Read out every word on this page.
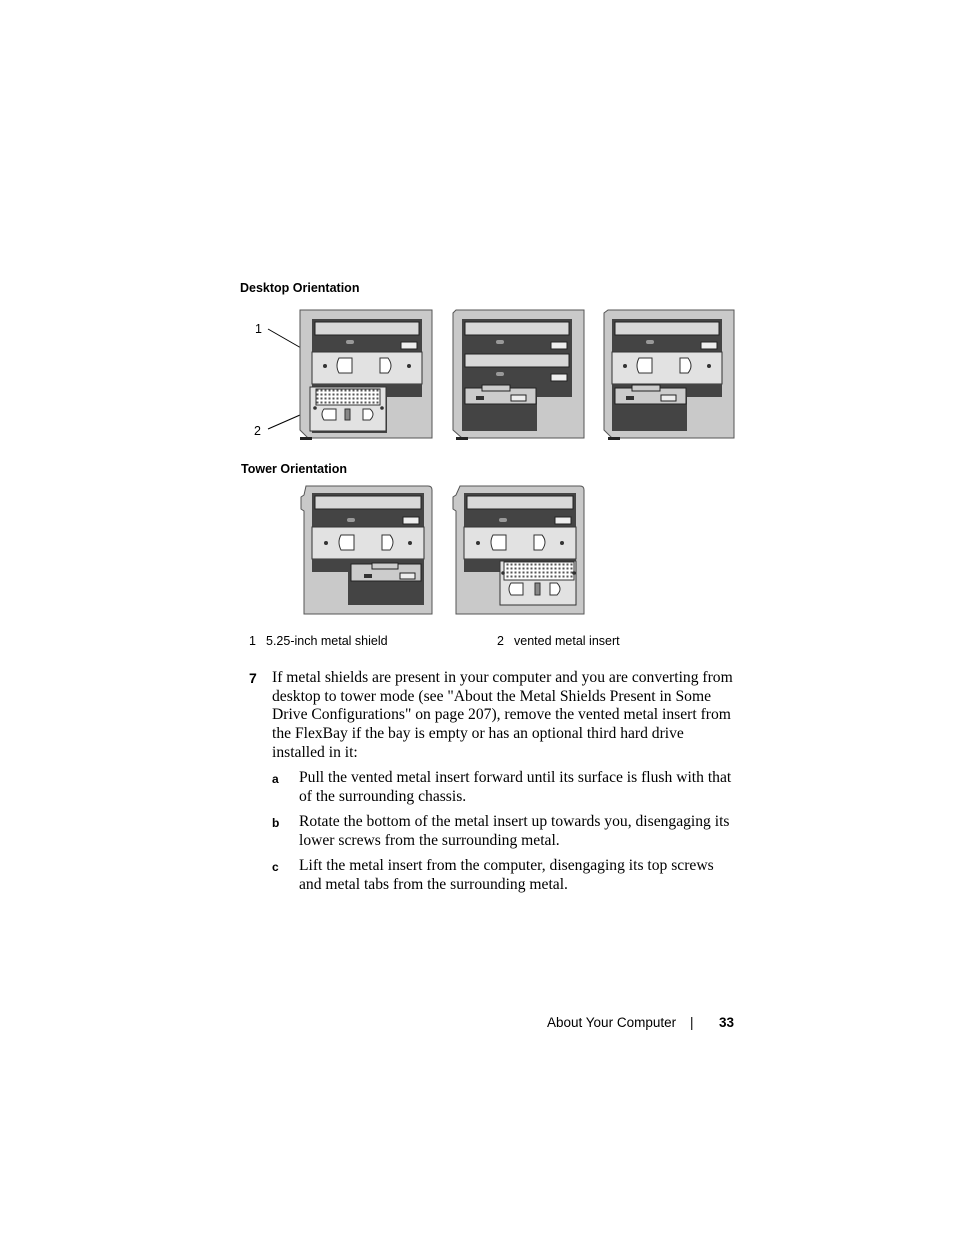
Desktop Orientation
Tower Orientation
1
2
1 5.25-inch metal shield	2 vented metal insert
7 If metal shields are present in your computer and you are converting from desktop to tower mode (see "About the Metal Shields Present in Some Drive Configurations" on page 207), remove the vented metal insert from the FlexBay if the bay is empty or has an optional third hard drive installed in it:
a Pull the vented metal insert forward until its surface is flush with that of the surrounding chassis.
b Rotate the bottom of the metal insert up towards you, disengaging its lower screws from the surrounding metal.
c Lift the metal insert from the computer, disengaging its top screws and metal tabs from the surrounding metal.
About Your Computer | 33
